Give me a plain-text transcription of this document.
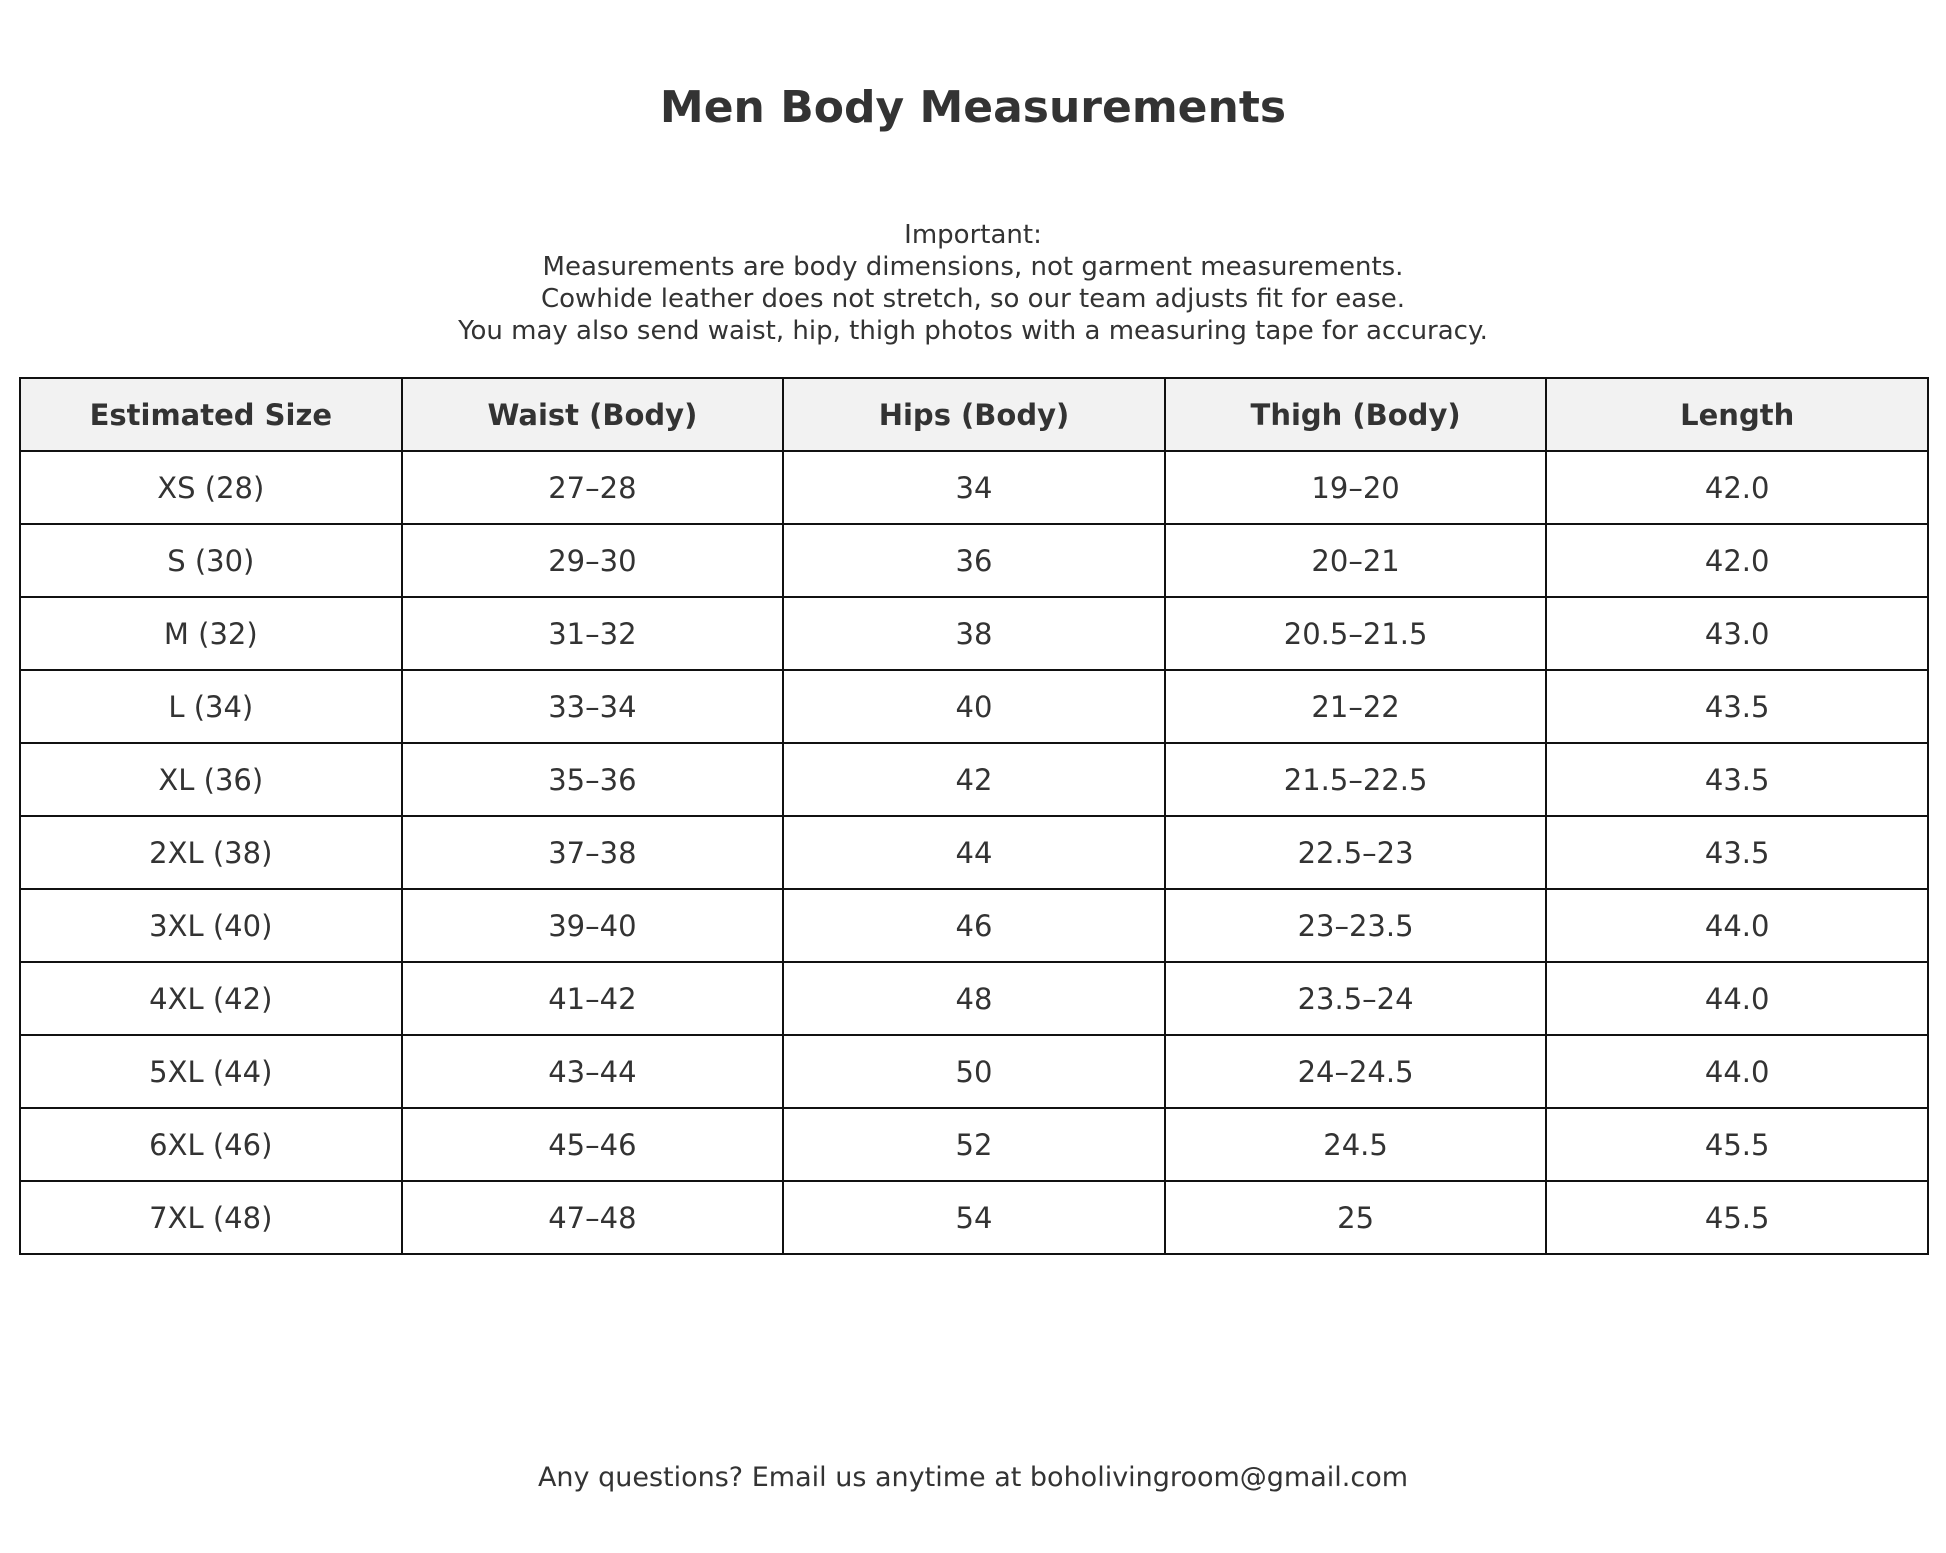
Men Body Measurements
Important:
Measurements are body dimensions, not garment measurements.
Cowhide leather does not stretch, so our team adjusts fit for ease.
You may also send waist, hip, thigh photos with a measuring tape for accuracy.
Estimated Size	Waist (Body)	Hips (Body)	Thigh (Body)	Length
XS (28)	27–28	34	19–20	42.0
S (30)	29–30	36	20–21	42.0
M (32)	31–32	38	20.5–21.5	43.0
L (34)	33–34	40	21–22	43.5
XL (36)	35–36	42	21.5–22.5	43.5
2XL (38)	37–38	44	22.5–23	43.5
3XL (40)	39–40	46	23–23.5	44.0
4XL (42)	41–42	48	23.5–24	44.0
5XL (44)	43–44	50	24–24.5	44.0
6XL (46)	45–46	52	24.5	45.5
7XL (48)	47–48	54	25	45.5
Any questions? Email us anytime at boholivingroom@gmail.com
